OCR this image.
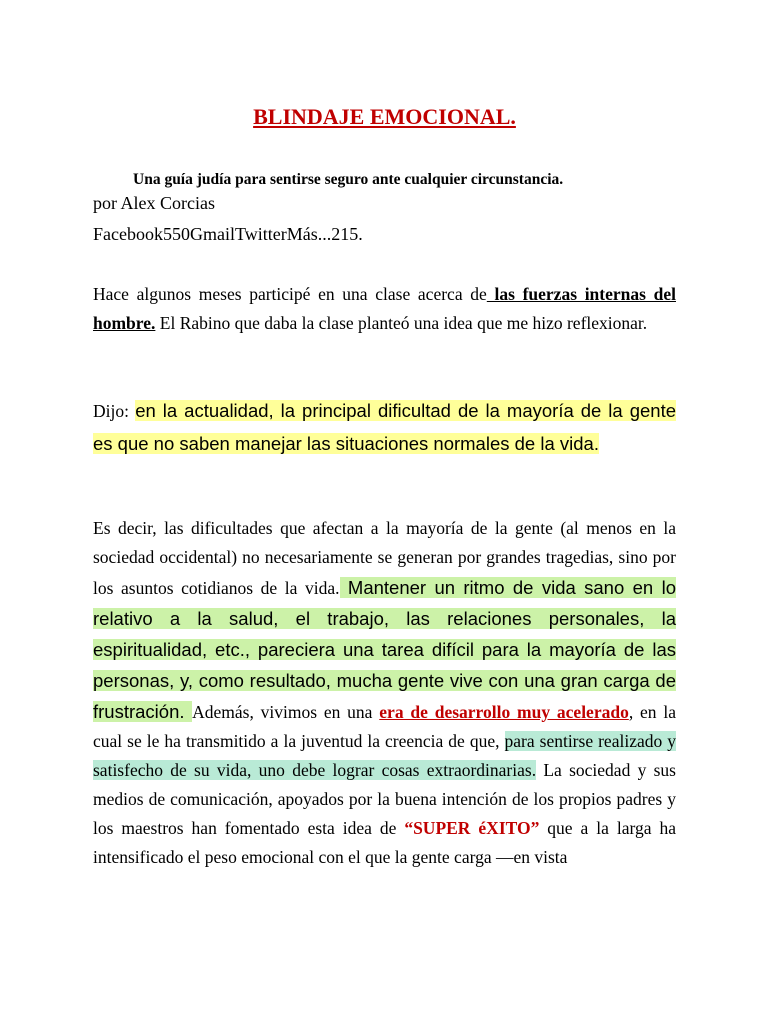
BLINDAJE EMOCIONAL.
Una guía judía para sentirse seguro ante cualquier circunstancia.
por Alex Corcias
Facebook550GmailTwitterMás...215.
Hace algunos meses participé en una clase acerca de las fuerzas internas del hombre. El Rabino que daba la clase planteó una idea que me hizo reflexionar.
Dijo: en la actualidad, la principal dificultad de la mayoría de la gente es que no saben manejar las situaciones normales de la vida.
Es decir, las dificultades que afectan a la mayoría de la gente (al menos en la sociedad occidental) no necesariamente se generan por grandes tragedias, sino por los asuntos cotidianos de la vida. Mantener un ritmo de vida sano en lo relativo a la salud, el trabajo, las relaciones personales, la espiritualidad, etc., pareciera una tarea difícil para la mayoría de las personas, y, como resultado, mucha gente vive con una gran carga de frustración. Además, vivimos en una era de desarrollo muy acelerado, en la cual se le ha transmitido a la juventud la creencia de que, para sentirse realizado y satisfecho de su vida, uno debe lograr cosas extraordinarias. La sociedad y sus medios de comunicación, apoyados por la buena intención de los propios padres y los maestros han fomentado esta idea de “SUPER éXITO” que a la larga ha intensificado el peso emocional con el que la gente carga —en vista
